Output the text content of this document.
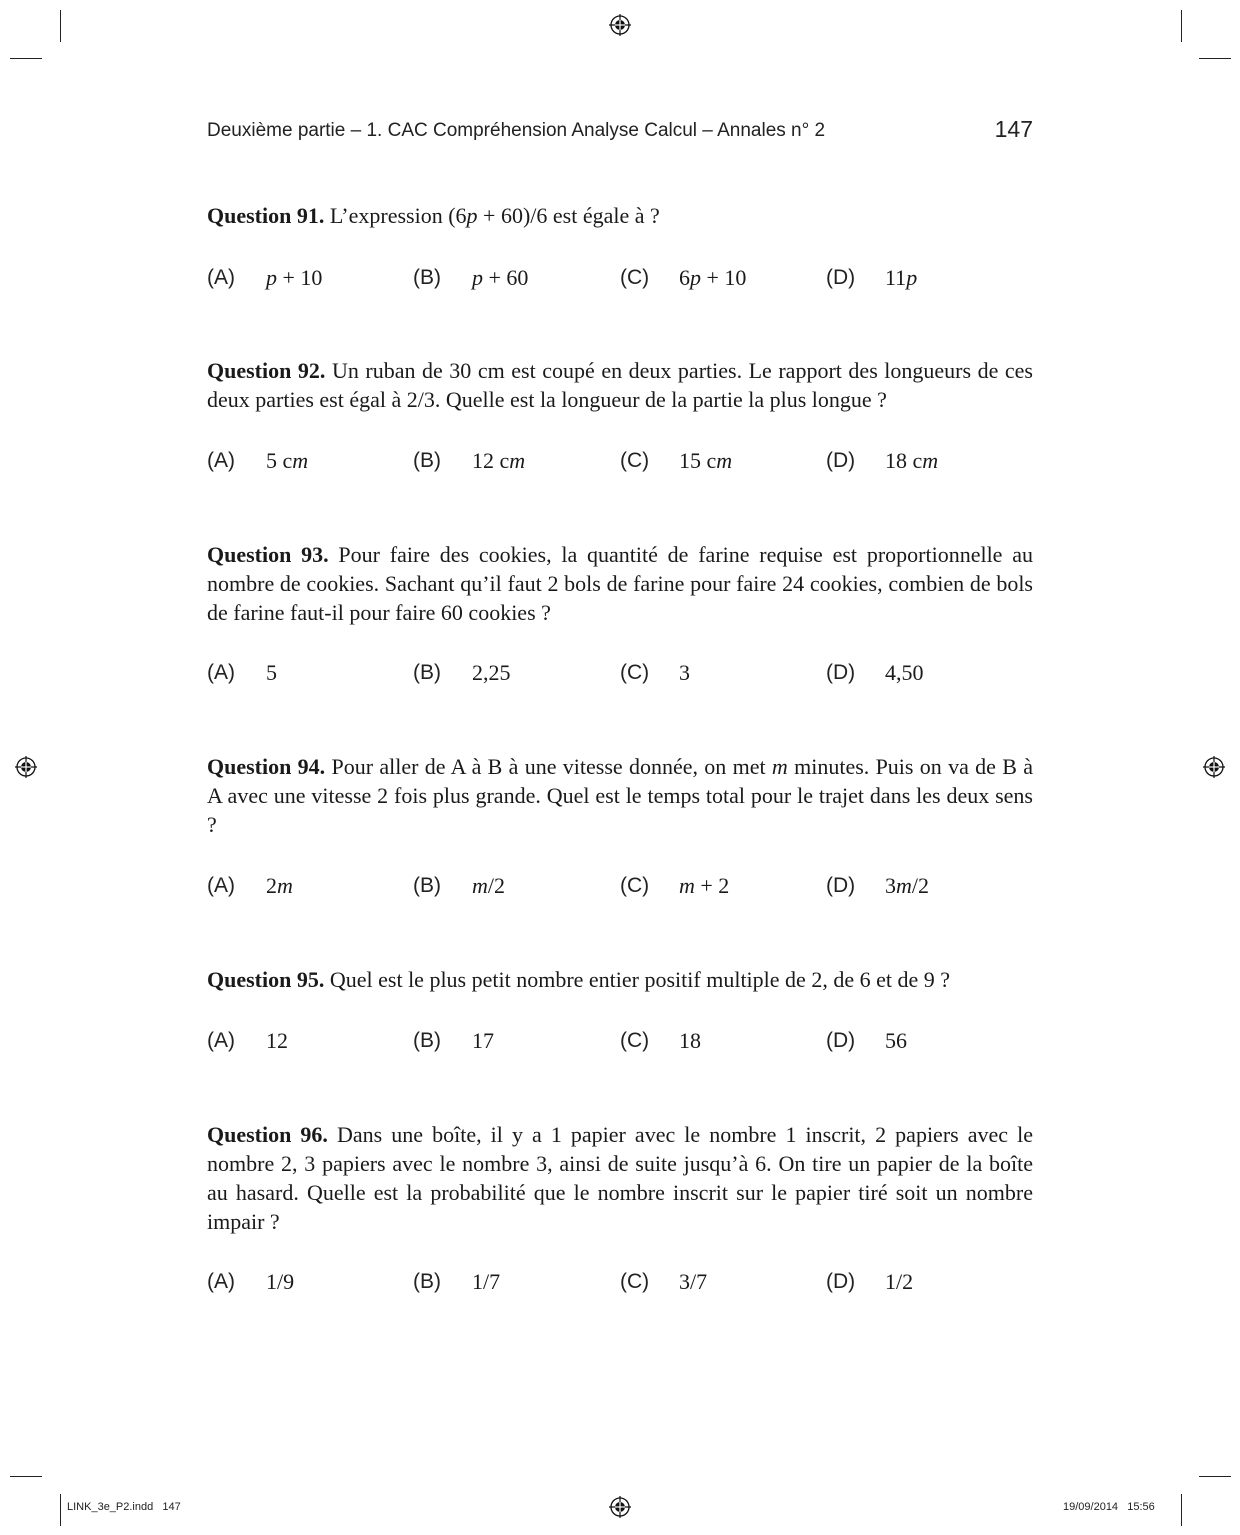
Deuxième partie – 1. CAC Compréhension Analyse Calcul – Annales n° 2	147

Question 91. L’expression (6p + 60)/6 est égale à ?

(A) p + 10	(B) p + 60	(C) 6p + 10	(D) 11p

Question 92. Un ruban de 30 cm est coupé en deux parties. Le rapport des longueurs de ces deux parties est égal à 2/3. Quelle est la longueur de la partie la plus longue ?

(A) 5 cm	(B) 12 cm	(C) 15 cm	(D) 18 cm

Question 93. Pour faire des cookies, la quantité de farine requise est proportionnelle au nombre de cookies. Sachant qu’il faut 2 bols de farine pour faire 24 cookies, combien de bols de farine faut-il pour faire 60 cookies ?

(A) 5	(B) 2,25	(C) 3	(D) 4,50

Question 94. Pour aller de A à B à une vitesse donnée, on met m minutes. Puis on va de B à A avec une vitesse 2 fois plus grande. Quel est le temps total pour le trajet dans les deux sens ?

(A) 2m	(B) m/2	(C) m + 2	(D) 3m/2

Question 95. Quel est le plus petit nombre entier positif multiple de 2, de 6 et de 9 ?

(A) 12	(B) 17	(C) 18	(D) 56

Question 96. Dans une boîte, il y a 1 papier avec le nombre 1 inscrit, 2 papiers avec le nombre 2, 3 papiers avec le nombre 3, ainsi de suite jusqu’à 6. On tire un papier de la boîte au hasard. Quelle est la probabilité que le nombre inscrit sur le papier tiré soit un nombre impair ?

(A) 1/9	(B) 1/7	(C) 3/7	(D) 1/2
LINK_3e_P2.indd   147	19/09/2014   15:56
